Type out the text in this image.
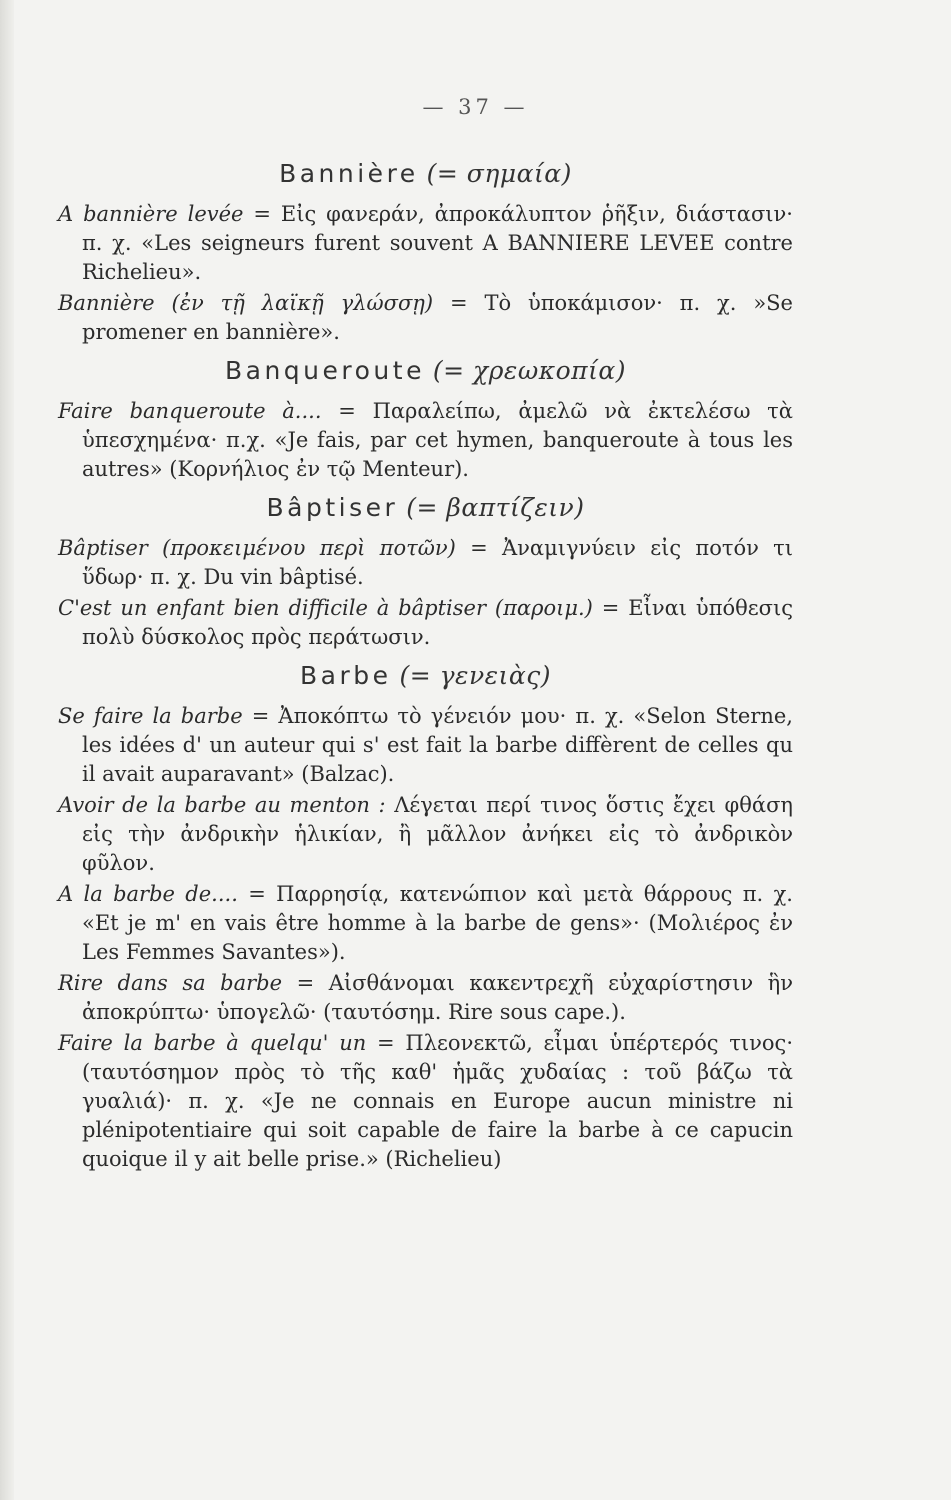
— 37 —
Bannière (= σημαία)

A bannière levée = Εἰς φανεράν, ἀπροκάλυπτον ῥῆξιν, διάστασιν· π. χ. «Les seigneurs furent souvent A BANNIERE LEVEE contre Richelieu».

Bannière (ἐν τῇ λαϊκῇ γλώσσῃ) = Τὸ ὑποκάμισον· π. χ. »Se promener en bannière».

Banqueroute (= χρεωκοπία)

Faire banqueroute à.... = Παραλείπω, ἀμελῶ νὰ ἐκτελέσω τὰ ὑπεσχημένα· π.χ. «Je fais, par cet hymen, banqueroute à tous les autres» (Κορνήλιος ἐν τῷ Menteur).

Bâptiser (= βαπτίζειν)

Bâptiser (προκειμένου περὶ ποτῶν) = Ἀναμιγνύειν εἰς ποτόν τι ὕδωρ· π. χ. Du vin bâptisé.

C'est un enfant bien difficile à bâptiser (παροιμ.) = Εἶναι ὑπόθεσις πολὺ δύσκολος πρὸς περάτωσιν.

Barbe (= γενειὰς)

Se faire la barbe = Ἀποκόπτω τὸ γένειόν μου· π. χ. «Selon Sterne, les idées d' un auteur qui s' est fait la barbe diffèrent de celles qu il avait auparavant» (Balzac).

Avoir de la barbe au menton : Λέγεται περί τινος ὅστις ἔχει φθάση εἰς τὴν ἀνδρικὴν ἡλικίαν, ἢ μᾶλλον ἀνήκει εἰς τὸ ἀνδρικὸν φῦλον.

A la barbe de.... = Παρρησίᾳ, κατενώπιον καὶ μετὰ θάρρους π. χ. «Et je m' en vais être homme à la barbe de gens»· (Μολιέρος ἐν Les Femmes Savantes»).

Rire dans sa barbe = Αἰσθάνομαι κακεντρεχῆ εὐχαρίστησιν ἣν ἀποκρύπτω· ὑπογελῶ· (ταυτόσημ. Rire sous cape.).

Faire la barbe à quelqu' un = Πλεονεκτῶ, εἶμαι ὑπέρτερός τινος· (ταυτόσημον πρὸς τὸ τῆς καθ' ἡμᾶς χυδαίας : τοῦ βάζω τὰ γυαλιά)· π. χ. «Je ne connais en Europe aucun ministre ni plénipotentiaire qui soit capable de faire la barbe à ce capucin quoique il y ait belle prise.» (Richelieu)
